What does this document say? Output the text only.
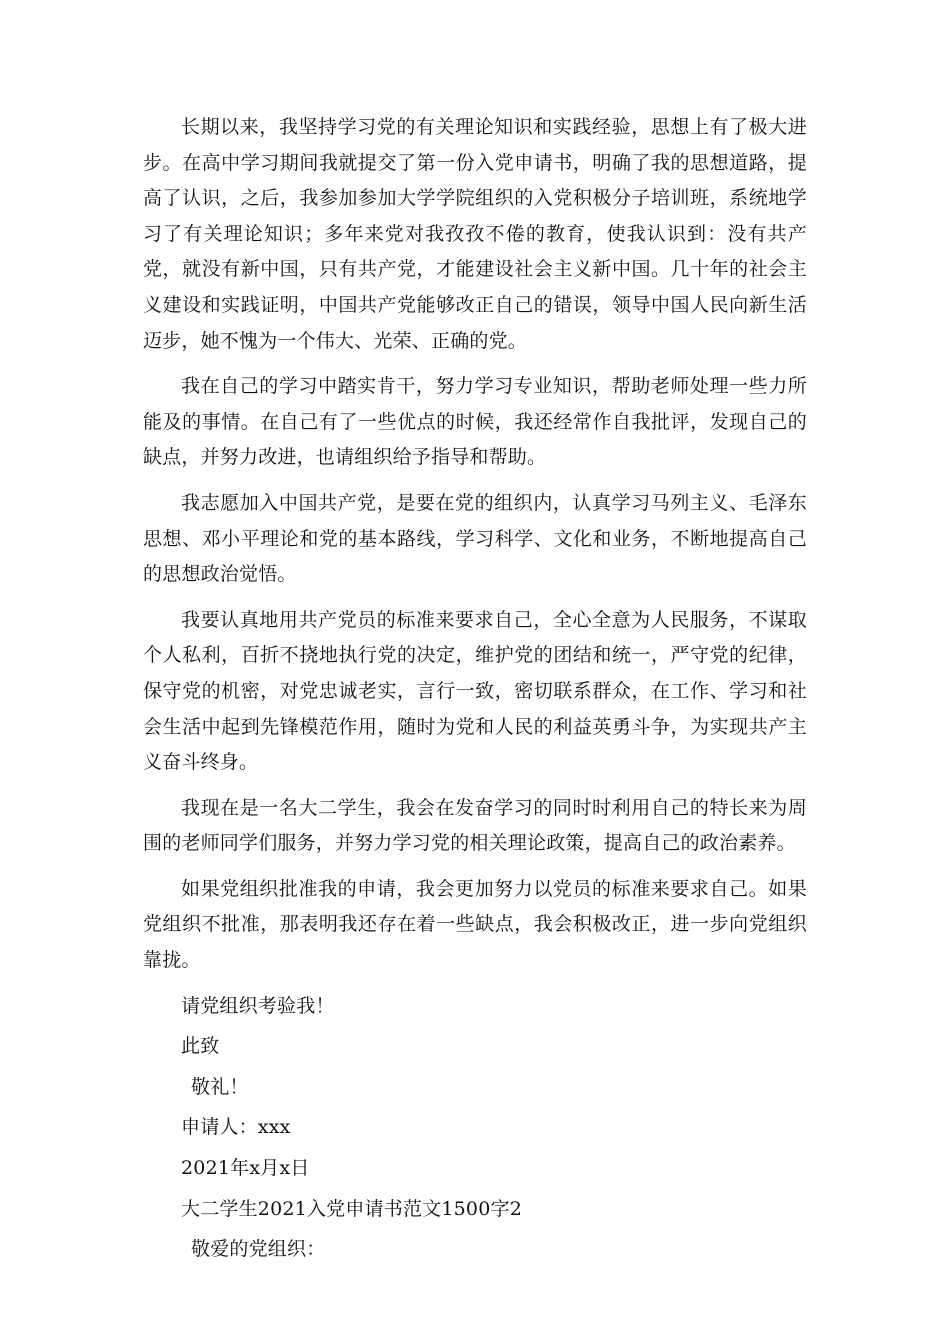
长期以来，我坚持学习党的有关理论知识和实践经验，思想上有了极大进步。在高中学习期间我就提交了第一份入党申请书，明确了我的思想道路，提高了认识，之后，我参加参加大学学院组织的入党积极分子培训班，系统地学习了有关理论知识；多年来党对我孜孜不倦的教育，使我认识到：没有共产党，就没有新中国，只有共产党，才能建设社会主义新中国。几十年的社会主义建设和实践证明，中国共产党能够改正自己的错误，领导中国人民向新生活迈步，她不愧为一个伟大、光荣、正确的党。

我在自己的学习中踏实肯干，努力学习专业知识，帮助老师处理一些力所能及的事情。在自己有了一些优点的时候，我还经常作自我批评，发现自己的缺点，并努力改进，也请组织给予指导和帮助。

我志愿加入中国共产党，是要在党的组织内，认真学习马列主义、毛泽东思想、邓小平理论和党的基本路线，学习科学、文化和业务，不断地提高自己的思想政治觉悟。

我要认真地用共产党员的标准来要求自己，全心全意为人民服务，不谋取个人私利，百折不挠地执行党的决定，维护党的团结和统一，严守党的纪律，保守党的机密，对党忠诚老实，言行一致，密切联系群众，在工作、学习和社会生活中起到先锋模范作用，随时为党和人民的利益英勇斗争，为实现共产主义奋斗终身。

我现在是一名大二学生，我会在发奋学习的同时时利用自己的特长来为周围的老师同学们服务，并努力学习党的相关理论政策，提高自己的政治素养。

如果党组织批准我的申请，我会更加努力以党员的标准来要求自己。如果党组织不批准，那表明我还存在着一些缺点，我会积极改正，进一步向党组织靠拢。

请党组织考验我！

此致

敬礼！

申请人：xxx

2021年x月x日

大二学生2021入党申请书范文1500字2

敬爱的党组织：
